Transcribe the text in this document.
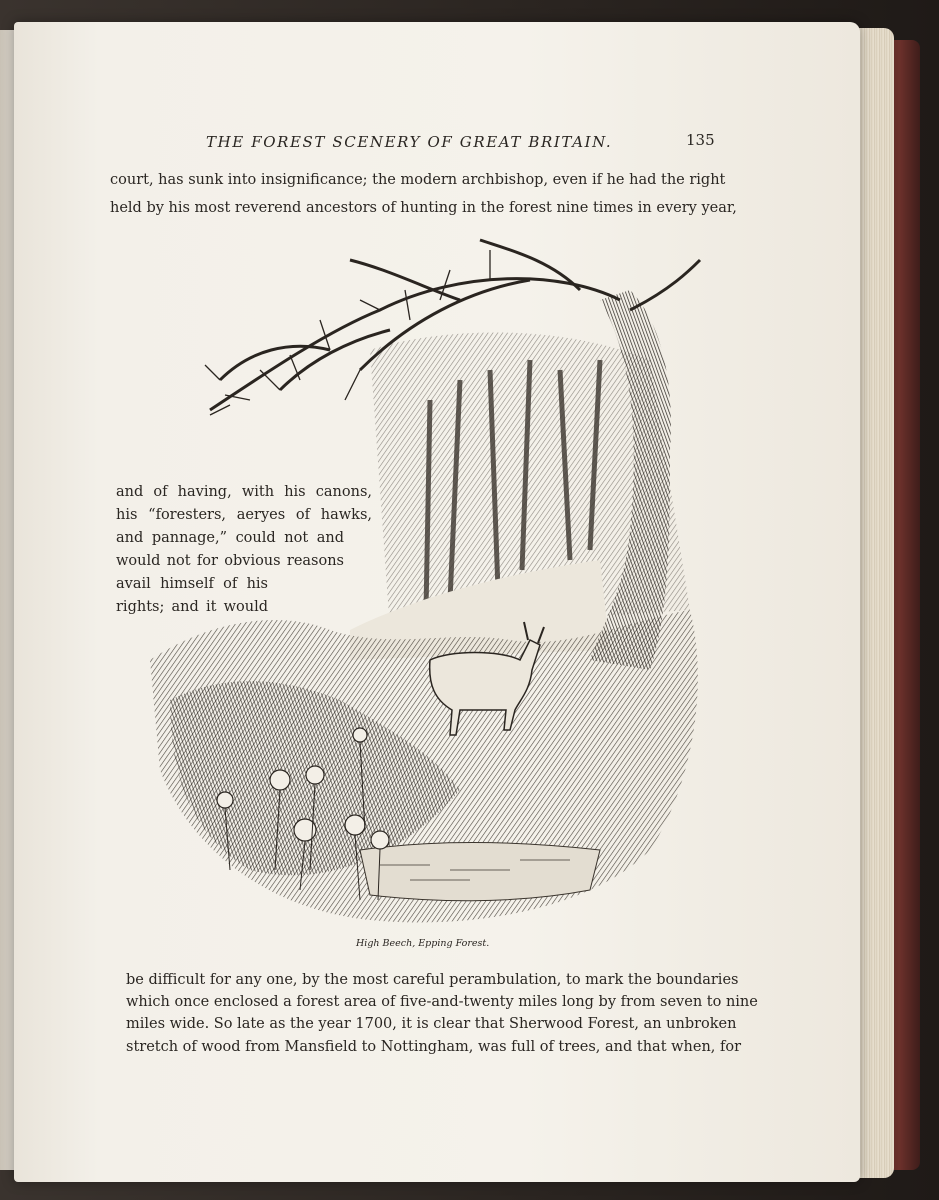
THE FOREST SCENERY OF GREAT BRITAIN.	135
court, has sunk into insignificance; the modern archbishop, even if he had the right
held by his most reverend ancestors of hunting in the forest nine times in every year,
and of having, with his canons,
his “foresters, aeryes of hawks,
and pannage,” could not and
would not for obvious reasons
avail himself of his
rights; and it would
High Beech, Epping Forest.
be difficult for any one, by the most careful perambulation, to mark the boundaries
which once enclosed a forest area of five-and-twenty miles long by from seven to nine
miles wide. So late as the year 1700, it is clear that Sherwood Forest, an unbroken
stretch of wood from Mansfield to Nottingham, was full of trees, and that when, for
